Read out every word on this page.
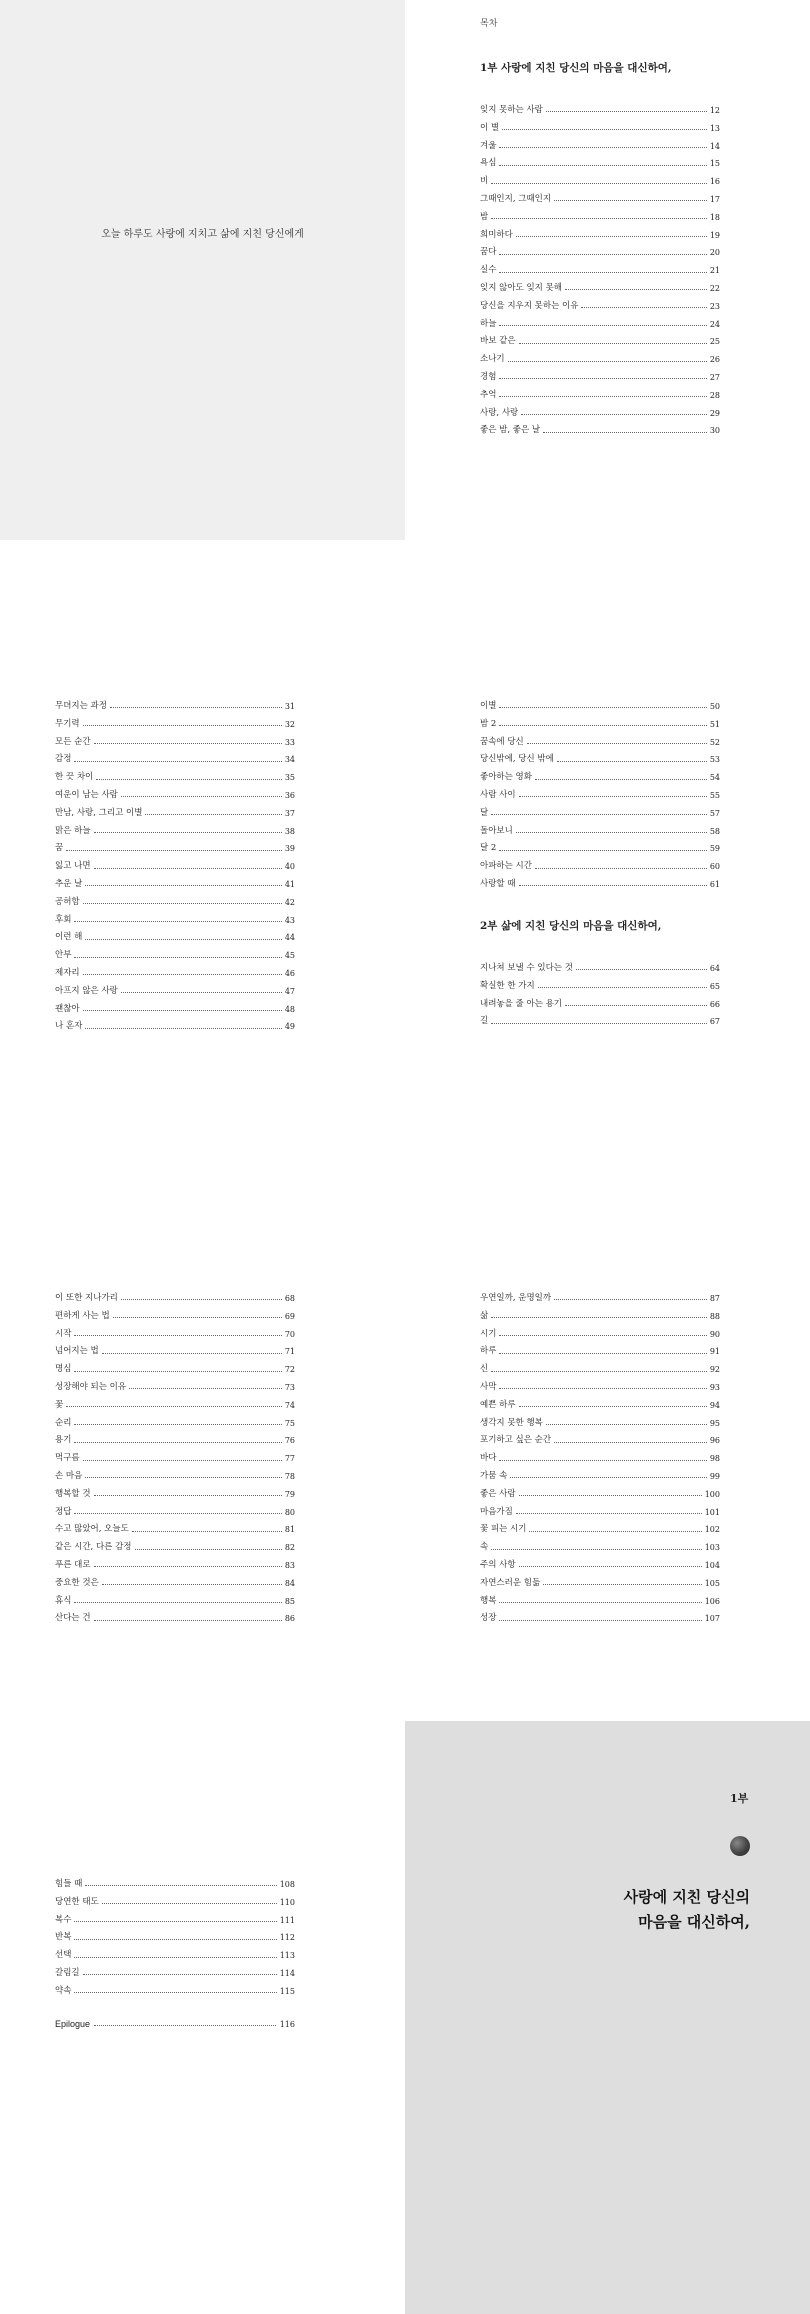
오늘 하루도 사랑에 지치고 삶에 지친 당신에게
목차
1부 사랑에 지친 당신의 마음을 대신하여,
잊지 못하는 사람	12
이 별	13
겨울	14
욕심	15
비	16
그때인지, 그때인지	17
밤	18
희미하다	19
꿈다	20
실수	21
잊지 않아도 잊지 못해	22
당신을 지우지 못하는 이유	23
하늘	24
바보 같은	25
소나기	26
경험	27
추억	28
사랑, 사랑	29
좋은 밤, 좋은 날	30
무뎌지는 과정	31
무기력	32
모든 순간	33
감정	34
한 끗 차이	35
여운이 남는 사람	36
만남, 사랑, 그리고 이별	37
맑은 하늘	38
꿈	39
잃고 나면	40
추운 날	41
공허함	42
후회	43
이런 해	44
안부	45
제자리	46
아프지 않은 사랑	47
괜찮아	48
나 혼자	49
이별	50
밤 2	51
꿈속에 당신	52
당신밖에, 당신 밖에	53
좋아하는 영화	54
사람 사이	55
달	57
돌아보니	58
달 2	59
아파하는 시간	60
사랑할 때	61
2부 삶에 지친 당신의 마음을 대신하여,
지나쳐 보낼 수 있다는 것	64
확실한 한 가지	65
내려놓을 줄 아는 용기	66
길	67
이 또한 지나가리	68
편하게 사는 법	69
시작	70
넘어지는 법	71
명심	72
성장해야 되는 이유	73
꽃	74
순리	75
용기	76
먹구름	77
손 마음	78
행복할 것	79
정답	80
수고 많았어, 오늘도	81
같은 시간, 다른 감정	82
푸른 대로	83
중요한 것은	84
휴식	85
산다는 건	86
우연일까, 운명일까	87
삶	88
시기	90
하루	91
신	92
사막	93
예쁜 하루	94
생각지 못한 행복	95
포기하고 싶은 순간	96
바다	98
가뭄 속	99
좋은 사람	100
마음가짐	101
꽃 피는 시기	102
속	103
주의 사항	104
자연스러운 힘듦	105
행복	106
성장	107
힘들 때	108
당연한 태도	110
복수	111
반복	112
선택	113
갈림길	114
약속	115
Epilogue	116
1부
사랑에 지친 당신의
마음을 대신하여,
